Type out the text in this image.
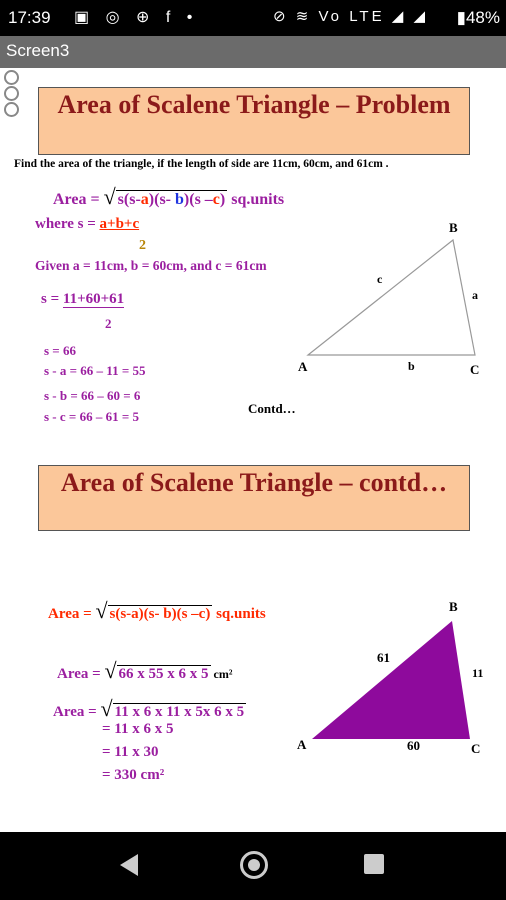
17:39 ▣ ◎ ⊕ f •	⊘ ≋ Vo LTE ◢ ◢ ▮48%
Screen3
Area of Scalene Triangle – Problem
Find the area of the triangle, if the length of side are 11cm, 60cm, and 61cm .
Area = √ s(s-a)(s- b)(s –c) sq.units
where s = a+b+c
2
Given a = 11cm, b = 60cm, and c = 61cm
s = 11+60+61
2
s = 66
s - a = 66 – 11 = 55
s - b = 66 – 60 = 6
s - c = 66 – 61 = 5
Contd…
B
A	C
a
b
c
Area of Scalene Triangle – contd…
Area = √ s(s-a)(s- b)(s –c) sq.units
Area = √ 66 x 55 x 6 x 5 cm²
Area = √ 11 x 6 x 11 x 5x 6 x 5
= 11 x 6 x 5
= 11 x 30
= 330 cm²
B
A	C
61
11
60
